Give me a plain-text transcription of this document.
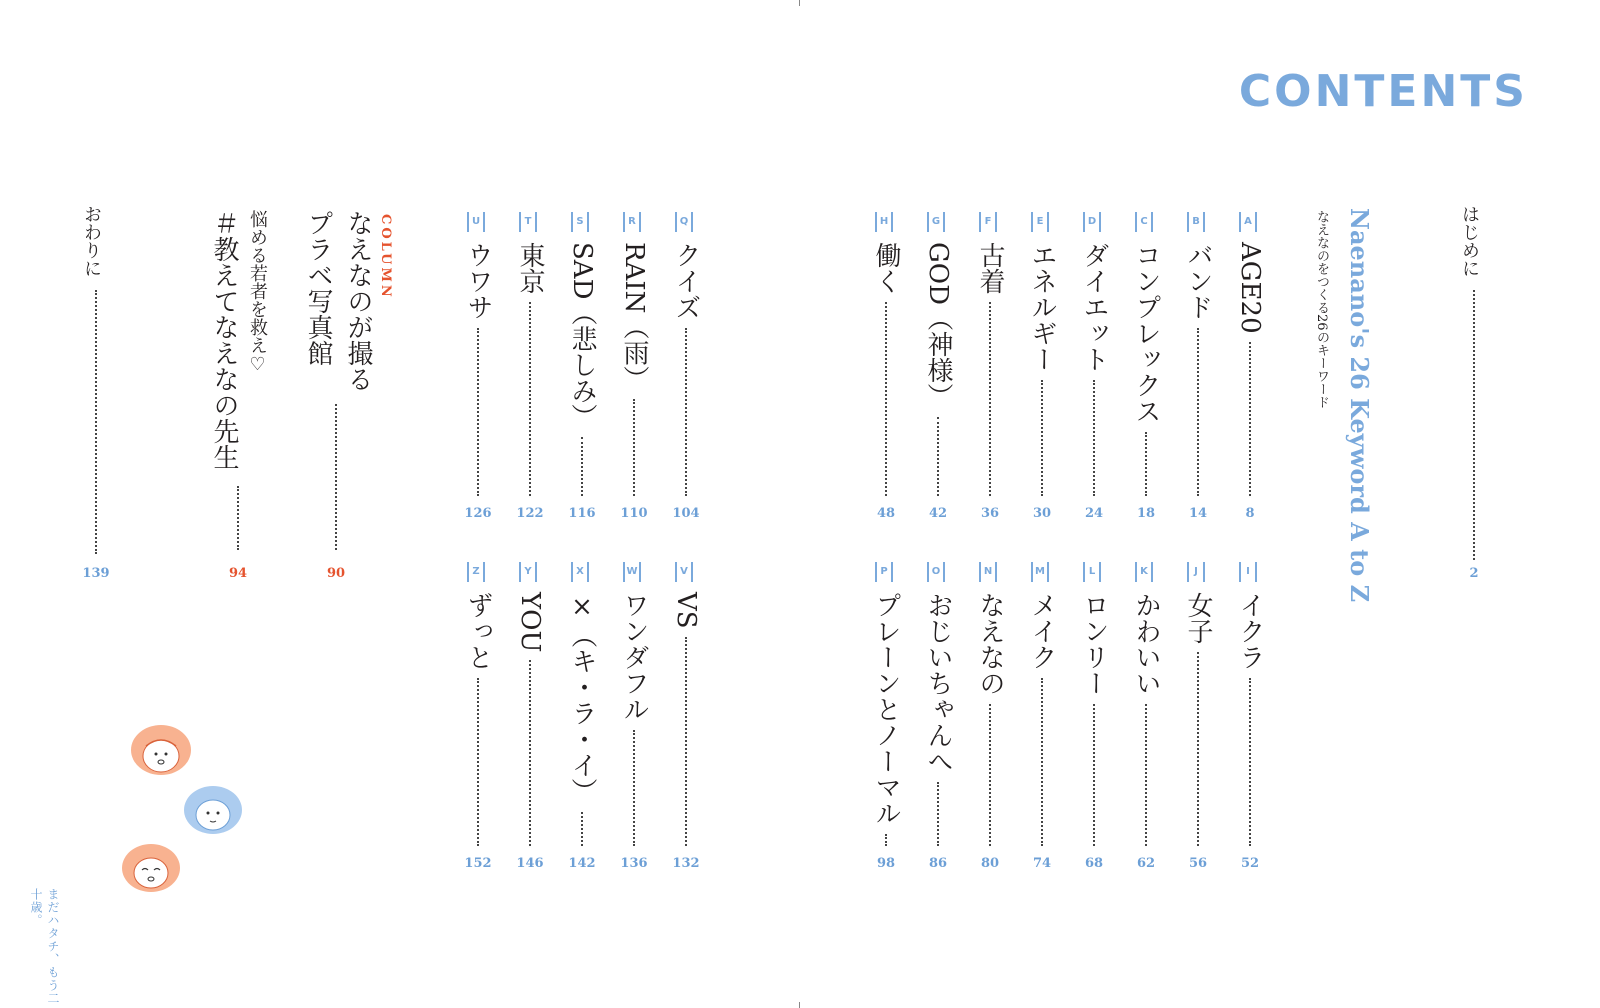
CONTENTS
はじめに
2
Naenano's 26 Keyword A to Z
なえなのをつくる26のキーワード
A
AGE20
8
B
バンド
14
C
コンプレックス
18
D
ダイエット
24
E
エネルギー
30
F
古着
36
G
GOD（神様）
42
H
働く
48
I
イクラ
52
J
女子
56
K
かわいい
62
L
ロンリー
68
M
メイク
74
N
なえなの
80
O
おじいちゃんへ
86
P
プレーンとノーマル
98
Q
クイズ
104
R
RAIN（雨）
110
S
SAD（悲しみ）
116
T
東京
122
U
ウワサ
126
V
VS
132
W
ワンダフル
136
X
×（キ・ラ・イ）
142
Y
YOU
146
Z
ずっと
152
COLUMN
なえなのが撮る
プラベ写真館
90
悩める若者を救え♡
＃教えてなえなの先生
94
おわりに
139
まだハタチ、もう二十歳。
